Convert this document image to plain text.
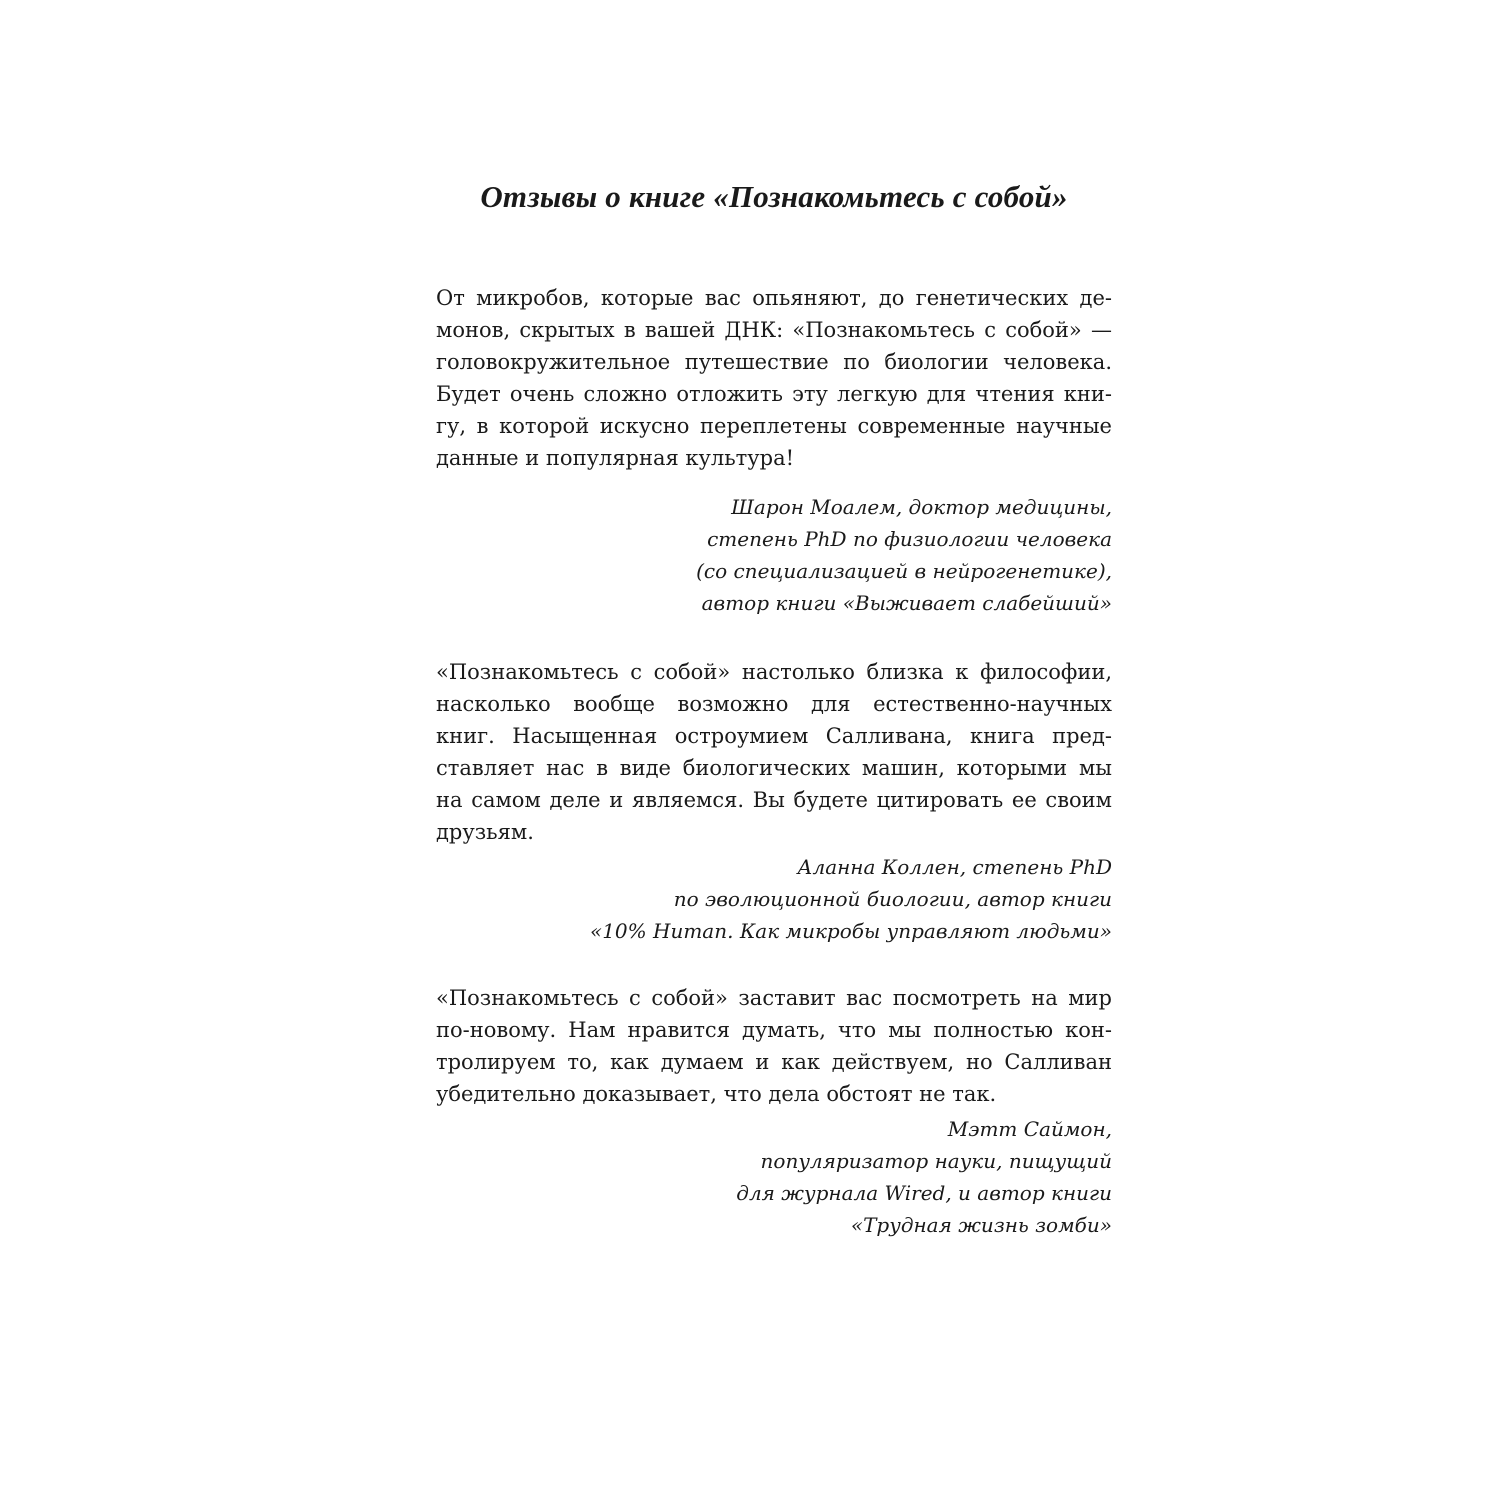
Отзывы о книге «Познакомьтесь с собой»
От микробов, которые вас опьяняют, до генетических де-
монов, скрытых в вашей ДНК: «Познакомьтесь с собой» —
головокружительное путешествие по биологии человека.
Будет очень сложно отложить эту легкую для чтения кни-
гу, в которой искусно переплетены современные научные
данные и популярная культура!
Шарон Моалем, доктор медицины,
степень PhD по физиологии человека
(со специализацией в нейрогенетике),
автор книги «Выживает слабейший»
«Познакомьтесь с собой» настолько близка к философии,
насколько вообще возможно для естественно-научных
книг. Насыщенная остроумием Салливана, книга пред-
ставляет нас в виде биологических машин, которыми мы
на самом деле и являемся. Вы будете цитировать ее своим
друзьям.
Аланна Коллен, степень PhD
по эволюционной биологии, автор книги
«10% Human. Как микробы управляют людьми»
«Познакомьтесь с собой» заставит вас посмотреть на мир
по-новому. Нам нравится думать, что мы полностью кон-
тролируем то, как думаем и как действуем, но Салливан
убедительно доказывает, что дела обстоят не так.
Мэтт Саймон,
популяризатор науки, пищущий
для журнала Wired, и автор книги
«Трудная жизнь зомби»
